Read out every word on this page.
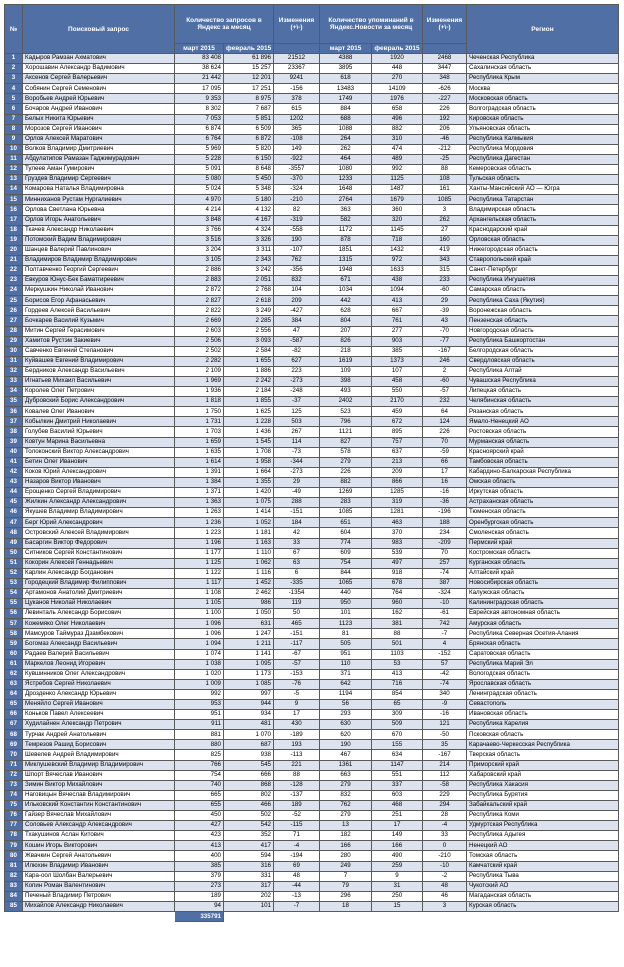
№	Поисковый запрос	Количество запросов в Яндекс за месяц		Изменения (+\-)	Количество упоминаний в Яндекс.Новости за месяц		Изменения (+\-)	Регион
		март 2015	февраль 2015		март 2015	февраль 2015		
1	Кадыров Рамзан Ахматович	83 408	61 896	21512	4388	1920	2468	Чеченская Республика
2	Хорошавин Александр Вадимович	38 624	15 257	23367	3895	448	3447	Сахалинская область
3	Аксенов Сергей Валерьевич	21 442	12 201	9241	618	270	348	Республика Крым
4	Собянин Сергей Семенович	17 095	17 251	-156	13483	14109	-626	Москва
5	Воробьев Андрей Юрьевич	9 353	8 975	378	1749	1976	-227	Московская область
6	Бочаров Андрей Иванович	8 302	7 687	615	884	658	226	Волгоградская область
7	Белых Никита Юрьевич	7 053	5 851	1202	688	496	192	Кировская область
8	Морозов Сергей Иванович	6 874	6 509	365	1088	882	206	Ульяновская область
9	Орлов Алексей Маратович	6 764	6 872	-108	264	310	-46	Республика Калмыкия
10	Волков Владимир Дмитриевич	5 969	5 820	149	262	474	-212	Республика Мордовия
11	Абдулатипов Рамазан Гаджимурадович	5 228	6 150	-922	464	489	-25	Республика Дагестан
12	Тулеев Аман Гумирович	5 091	8 648	-3557	1080	992	88	Кемеровская область
13	Груздев Владимир Сергеевич	5 080	5 450	-370	1233	1125	108	Тульская область
14	Комарова Наталья Владимировна	5 024	5 348	-324	1648	1487	161	Ханты-Мансийский АО — Югра
15	Минниханов Рустам Нургалиевич	4 970	5 180	-210	2764	1679	1085	Республика Татарстан
16	Орлова Светлана Юрьевна	4 214	4 132	82	363	360	3	Владимирская область
17	Орлов Игорь Анатольевич	3 848	4 167	-319	582	320	262	Архангельская область
18	Ткачев Александр Николаевич	3 766	4 324	-558	1172	1145	27	Краснодарский край
19	Потомский Вадим Владимирович	3 516	3 326	190	878	718	160	Орловская область
20	Шанцев Валерий Павлинович	3 204	3 311	-107	1851	1432	419	Нижегородская область
21	Владимиров Владимир Владимирович	3 105	2 343	762	1315	972	343	Ставропольский край
22	Полтавченко Георгий Сергеевич	2 886	3 242	-356	1948	1633	315	Санкт-Петербург
23	Евкуров Юнус-Бек Баматгиреевич	2 883	2 051	832	671	438	233	Республика Ингушетия
24	Меркушкин Николай Иванович	2 872	2 768	104	1034	1094	-60	Самарская область
25	Борисов Егор Афанасьевич	2 827	2 618	209	442	413	29	Республика Саха (Якутия)
26	Гордеев Алексей Васильевич	2 822	3 249	-427	628	667	-39	Воронежская область
27	Бочкарев Василий Кузьмич	2 669	2 285	384	804	761	43	Пензенская область
28	Митин Сергей Герасимович	2 603	2 556	47	207	277	-70	Новгородская область
29	Хамитов Рустэм Закиевич	2 506	3 093	-587	826	903	-77	Республика Башкортостан
30	Савченко Евгений Степанович	2 502	2 584	-82	218	385	-167	Белгородская область
31	Куйвашев Евгений Владимирович	2 282	1 655	627	1619	1373	246	Свердловская область
32	Бердников Александр Васильевич	2 109	1 886	223	109	107	2	Республика Алтай
33	Игнатьев Михаил Васильевич	1 969	2 242	-273	398	458	-60	Чувашская Республика
34	Королев Олег Петрович	1 936	2 184	-248	493	550	-57	Липецкая область
35	Дубровский Борис Александрович	1 818	1 855	-37	2402	2170	232	Челябинская область
36	Ковалев Олег Иванович	1 750	1 625	125	523	459	64	Рязанская область
37	Кобылкин Дмитрий Николаевич	1 731	1 228	503	796	672	124	Ямало-Ненецкий АО
38	Голубев Василий Юрьевич	1 703	1 436	267	1121	895	226	Ростовская область
39	Ковтун Марина Васильевна	1 659	1 545	114	827	757	70	Мурманская область
40	Толоконский Виктор Александрович	1 635	1 708	-73	578	637	-59	Красноярский край
41	Бетин Олег Иванович	1 614	1 958	-344	279	213	66	Тамбовская область
42	Коков Юрий Александрович	1 391	1 664	-273	226	209	17	Кабардино-Балкарская Республика
43	Назаров Виктор Иванович	1 384	1 355	29	882	866	16	Омская область
44	Ерощенко Сергей Владимирович	1 371	1 420	-49	1269	1285	-16	Иркутская область
45	Жилкин Александр Александрович	1 363	1 075	288	283	319	-36	Астраханская область
46	Якушев Владимир Владимирович	1 263	1 414	-151	1085	1281	-196	Тюменская область
47	Берг Юрий Александрович	1 236	1 052	184	651	463	188	Оренбургская область
48	Островский Алексей Владимирович	1 223	1 181	42	604	370	234	Смоленская область
49	Басаргин Виктор Федорович	1 196	1 163	33	774	983	-209	Пермский край
50	Ситников Сергей Константинович	1 177	1 110	67	609	539	70	Костромская область
51	Кокорин Алексей Геннадьевич	1 125	1 062	63	754	497	257	Курганская область
52	Карлин Александр Богданович	1 122	1 116	6	844	918	-74	Алтайский край
53	Городецкий Владимир Филиппович	1 117	1 452	-335	1065	678	387	Новосибирская область
54	Артамонов Анатолий Дмитриевич	1 108	2 462	-1354	440	764	-324	Калужская область
55	Цуканов Николай Николаевич	1 105	986	119	950	960	-10	Калининградская область
56	Левинталь Александр Борисович	1 100	1 050	50	101	162	-61	Еврейская автономная область
57	Кожемяко Олег Николаевич	1 096	631	465	1123	381	742	Амурская область
58	Мамсуров Таймураз Дзамбекович	1 096	1 247	-151	81	88	-7	Республика Северная Осетия-Алания
59	Богомаз Александр Васильевич	1 094	1 211	-117	505	501	4	Брянская область
60	Радаев Валерий Васильевич	1 074	1 141	-67	951	1103	-152	Саратовская область
61	Маркелов Леонид Игоревич	1 038	1 095	-57	110	53	57	Республика Марий Эл
62	Кувшинников Олег Александрович	1 020	1 173	-153	371	413	-42	Вологодская область
63	Ястребов Сергей Николаевич	1 009	1 085	-76	642	716	-74	Ярославская область
64	Дрозденко Александр Юрьевич	992	997	-5	1194	854	340	Ленинградская область
65	Меняйло Сергей Иванович	953	944	9	56	65	-9	Севастополь
66	Коньков Павел Алексеевич	951	934	17	293	309	-16	Ивановская область
67	Худилайнен Александр Петрович	911	481	430	630	509	121	Республика Карелия
68	Турчак Андрей Анатольевич	881	1 070	-189	620	670	-50	Псковская область
69	Темрезов Рашид Борисович	880	687	193	190	155	35	Карачаево-Черкесская Республика
70	Шевелев Андрей Владимирович	825	938	-113	467	634	-167	Тверская область
71	Миклушевский Владимир Владимирович	766	545	221	1361	1147	214	Приморский край
72	Шпорт Вячеслав Иванович	754	666	88	663	551	112	Хабаровский край
73	Зимин Виктор Михайлович	740	868	-128	279	337	-58	Республика Хакасия
74	Наговицын Вячеслав Владимирович	665	802	-137	832	603	229	Республика Бурятия
75	Ильковский Константин Константинович	655	466	189	762	468	294	Забайкальский край
76	Гайзер Вячеслав Михайлович	450	502	-52	279	251	28	Республика Коми
77	Соловьев Александр Александрович	427	542	-115	13	17	-4	Удмуртская Республика
78	Тхакушинов Аслан Китович	423	352	71	182	149	33	Республика Адыгея
79	Кошин Игорь Викторович	413	417	-4	166	166	0	Ненецкий АО
80	Жвачкин Сергей Анатольевич	400	594	-194	280	490	-210	Томская область
81	Илюхин Владимир Иванович	385	316	69	249	259	-10	Камчатский край
82	Кара-оол Шолбан Валерьевич	379	331	48	7	9	-2	Республика Тыва
83	Копин Роман Валентинович	273	317	-44	79	31	48	Чукотский АО
84	Печеный Владимир Петрович	189	202	-13	296	250	46	Магаданская область
85	Михайлов Александр Николаевич	94	101	-7	18	15	3	Курская область
		335791						
